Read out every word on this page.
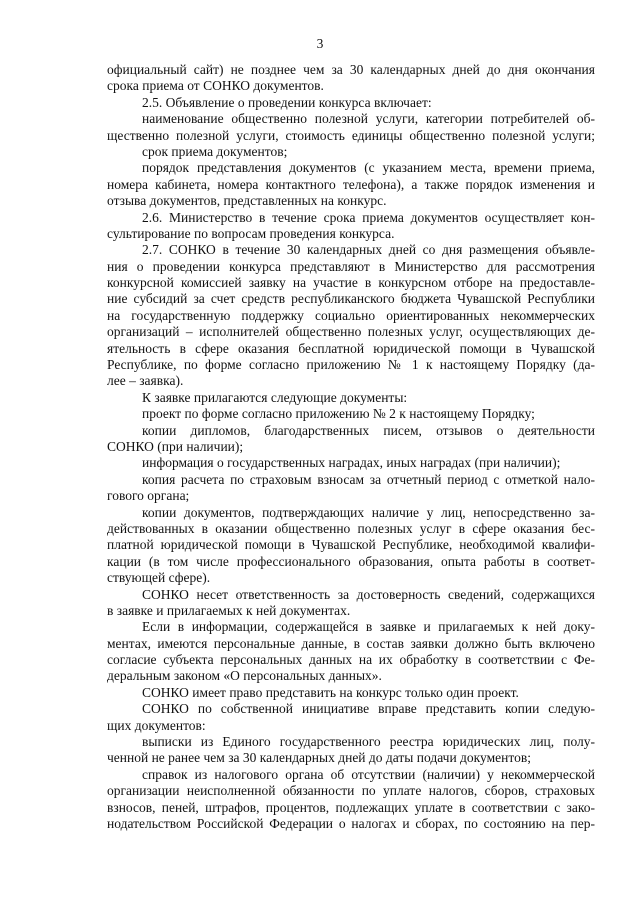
3
официальный сайт) не позднее чем за 30 календарных дней до дня окончания
срока приема от СОНКО документов.
2.5. Объявление о проведении конкурса включает:
наименование общественно полезной услуги, категории потребителей об-
щественно полезной услуги, стоимость единицы общественно полезной услуги;
срок приема документов;
порядок представления документов (с указанием места, времени приема,
номера кабинета, номера контактного телефона), а также порядок изменения и
отзыва документов, представленных на конкурс.
2.6. Министерство в течение срока приема документов осуществляет кон-
сультирование по вопросам проведения конкурса.
2.7. СОНКО в течение 30 календарных дней со дня размещения объявле-
ния о проведении конкурса представляют в Министерство для рассмотрения
конкурсной комиссией заявку на участие в конкурсном отборе на предоставле-
ние субсидий за счет средств республиканского бюджета Чувашской Республики
на государственную поддержку социально ориентированных некоммерческих
организаций – исполнителей общественно полезных услуг, осуществляющих де-
ятельность в сфере оказания бесплатной юридической помощи в Чувашской
Республике, по форме согласно приложению № 1 к настоящему Порядку (да-
лее – заявка).
К заявке прилагаются следующие документы:
проект по форме согласно приложению № 2 к настоящему Порядку;
копии дипломов, благодарственных писем, отзывов о деятельности
СОНКО (при наличии);
информация о государственных наградах, иных наградах (при наличии);
копия расчета по страховым взносам за отчетный период с отметкой нало-
гового органа;
копии документов, подтверждающих наличие у лиц, непосредственно за-
действованных в оказании общественно полезных услуг в сфере оказания бес-
платной юридической помощи в Чувашской Республике, необходимой квалифи-
кации (в том числе профессионального образования, опыта работы в соответ-
ствующей сфере).
СОНКО несет ответственность за достоверность сведений, содержащихся
в заявке и прилагаемых к ней документах.
Если в информации, содержащейся в заявке и прилагаемых к ней доку-
ментах, имеются персональные данные, в состав заявки должно быть включено
согласие субъекта персональных данных на их обработку в соответствии с Фе-
деральным законом «О персональных данных».
СОНКО имеет право представить на конкурс только один проект.
СОНКО по собственной инициативе вправе представить копии следую-
щих документов:
выписки из Единого государственного реестра юридических лиц, полу-
ченной не ранее чем за 30 календарных дней до даты подачи документов;
справок из налогового органа об отсутствии (наличии) у некоммерческой
организации неисполненной обязанности по уплате налогов, сборов, страховых
взносов, пеней, штрафов, процентов, подлежащих уплате в соответствии с зако-
нодательством Российской Федерации о налогах и сборах, по состоянию на пер-
